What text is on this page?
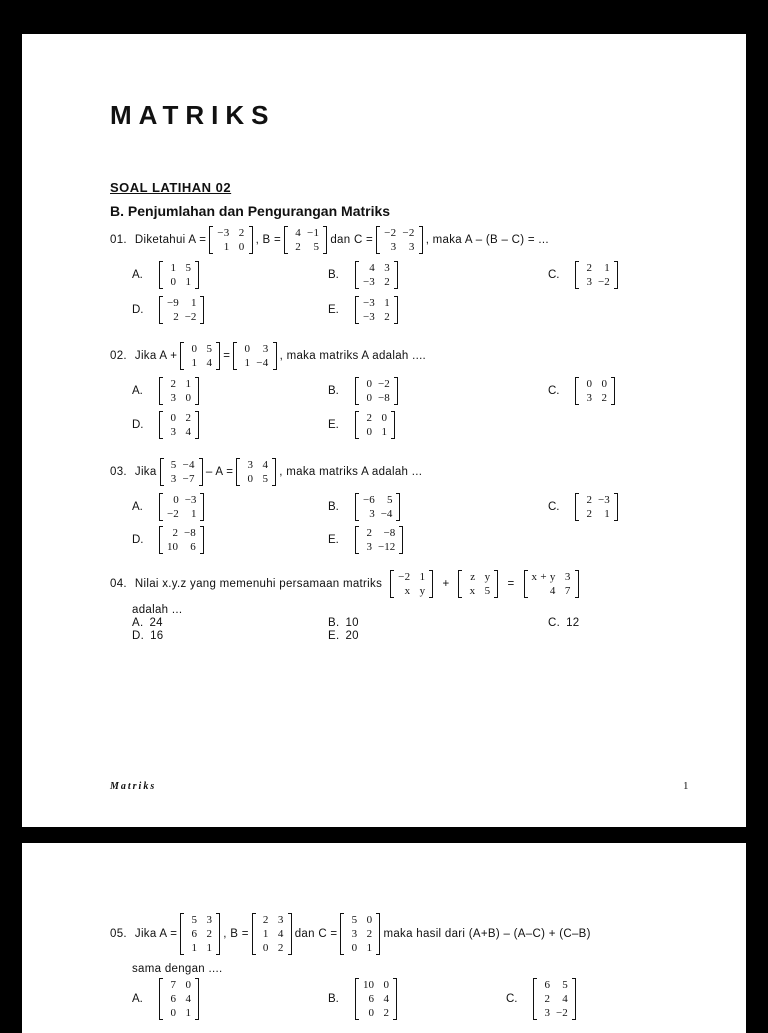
MATRIKS
SOAL LATIHAN 02
B. Penjumlahan dan Pengurangan Matriks
01. Diketahui A =
−3	2
1	0
, B =
4	−1
2	5
dan C =
−2	−2
3	3
, maka A – (B – C) = ...
A.
1	5
0	1
B.
4	3
−3	2
C.
2	1
3	−2
D.
−9	1
2	−2
E.
−3	1
−3	2
02. Jika A +
0	5
1	4
=
0	3
1	−4
, maka matriks A adalah ....
A.
2	1
3	0
B.
0	−2
0	−8
C.
0	0
3	2
D.
0	2
3	4
E.
2	0
0	1
03. Jika
5	−4
3	−7
– A =
3	4
0	5
, maka matriks A adalah ...
A.
0	−3
−2	1
B.
−6	5
3	−4
C.
2	−3
2	1
D.
2	−8
10	6
E.
2	−8
3	−12
04. Nilai x.y.z yang memenuhi persamaan matriks
−2	1
x	y
+
z	y
x	5
=
x + y	3
4	7
adalah ...
A. 24	B. 10	C. 12
D. 16	E. 20
Matriks	1
05. Jika A =
5	3
6	2
1	1
, B =
2	3
1	4
0	2
dan C =
5	0
3	2
0	1
maka hasil dari (A+B) – (A–C) + (C–B)
sama dengan ....
A.
7	0
6	4
0	1
B.
10	0
6	4
0	2
C.
6	5
2	4
3	−2
